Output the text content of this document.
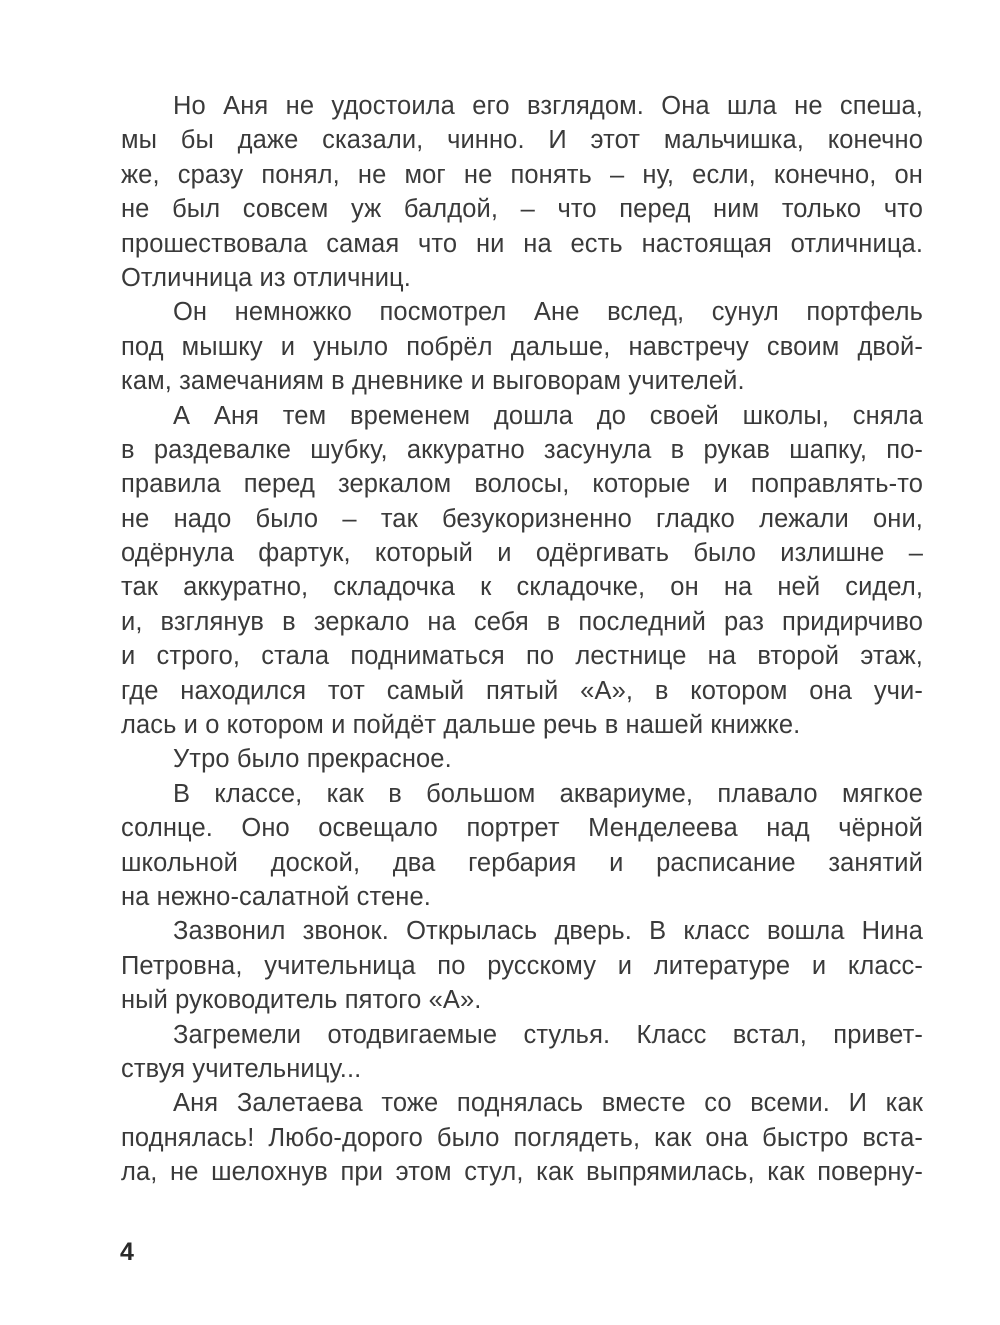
Но Аня не удостоила его взглядом. Она шла не спеша,
мы бы даже сказали, чинно. И этот мальчишка, конечно
же, сразу понял, не мог не понять – ну, если, конечно, он
не был совсем уж балдой, – что перед ним только что
прошествовала самая что ни на есть настоящая отличница.
Отличница из отличниц.
Он немножко посмотрел Ане вслед, сунул портфель
под мышку и уныло побрёл дальше, навстречу своим двой-
кам, замечаниям в дневнике и выговорам учителей.
А Аня тем временем дошла до своей школы, сняла
в раздевалке шубку, аккуратно засунула в рукав шапку, по-
правила перед зеркалом волосы, которые и поправлять-то
не надо было – так безукоризненно гладко лежали они,
одёрнула фартук, который и одёргивать было излишне –
так аккуратно, складочка к складочке, он на ней сидел,
и, взглянув в зеркало на себя в последний раз придирчиво
и строго, стала подниматься по лестнице на второй этаж,
где находился тот самый пятый «А», в котором она учи-
лась и о котором и пойдёт дальше речь в нашей книжке.
Утро было прекрасное.
В классе, как в большом аквариуме, плавало мягкое
солнце. Оно освещало портрет Менделеева над чёрной
школьной доской, два гербария и расписание занятий
на нежно-салатной стене.
Зазвонил звонок. Открылась дверь. В класс вошла Нина
Петровна, учительница по русскому и литературе и класс-
ный руководитель пятого «А».
Загремели отодвигаемые стулья. Класс встал, привет-
ствуя учительницу...
Аня Залетаева тоже поднялась вместе со всеми. И как
поднялась! Любо-дорого было поглядеть, как она быстро вста-
ла, не шелохнув при этом стул, как выпрямилась, как поверну-
4
